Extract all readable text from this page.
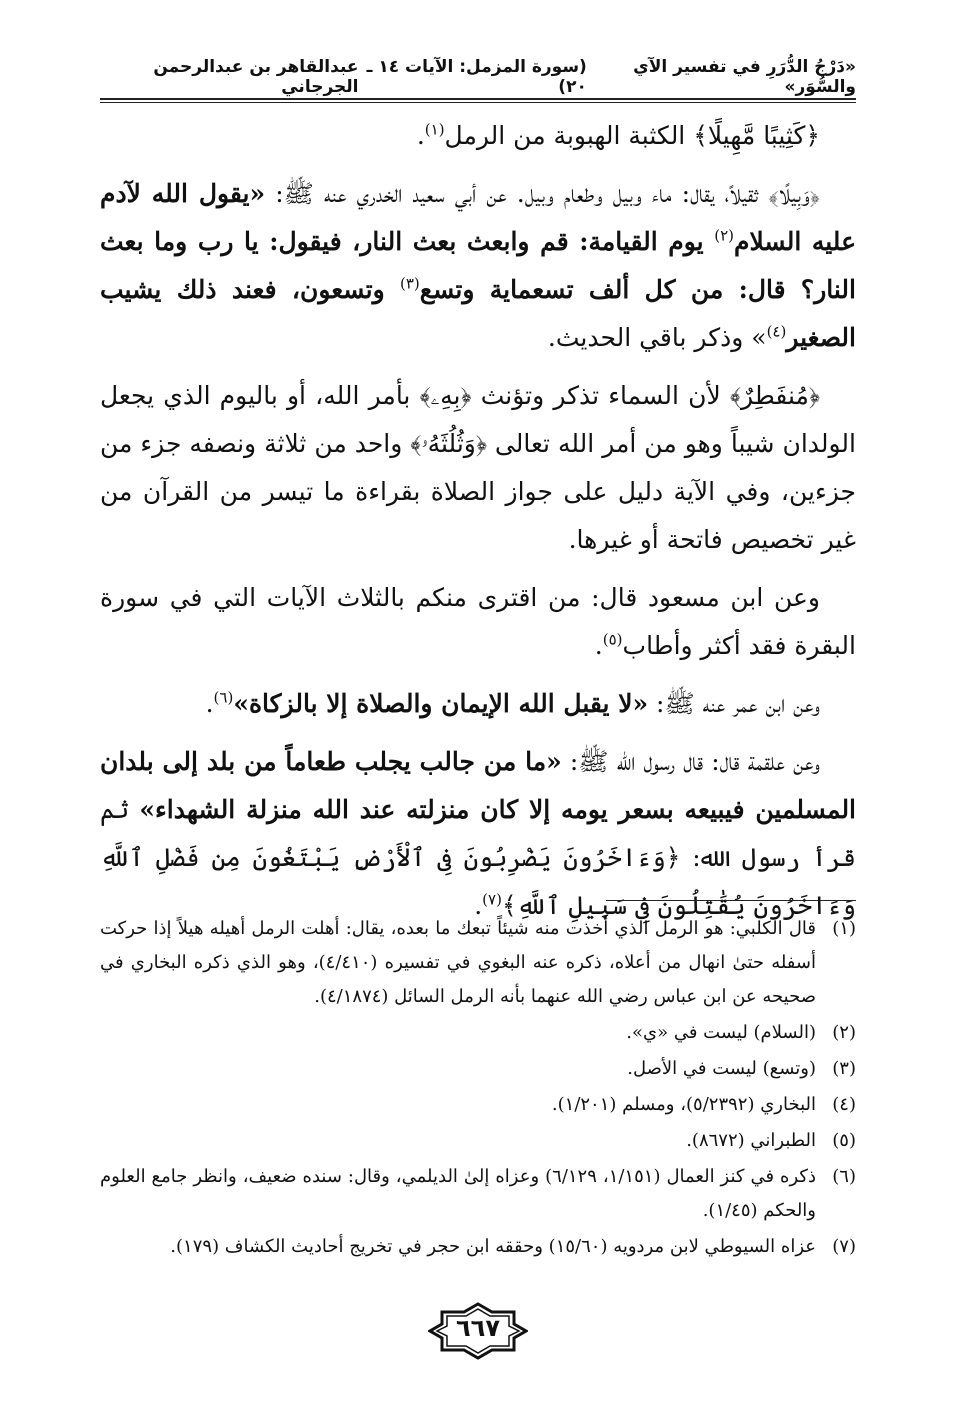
«دَرْجُ الدُّرَرِ في تفسير الآي والسُّوَر»
(سورة المزمل: الآيات ١٤ ـ ٢٠)
عبدالقاهر بن عبدالرحمن الجرجاني

﴿كَثِيبًا مَّهِيلًا﴾ الكثبة الهبوبة من الرمل$^{(١)}$.

﴿وَبِيلًا﴾ ثقيلاً، يقال: ماء وبيل وطعام وبيل. عن أبي سعيد الخدري عنه ﷺ: «يقول الله لآدم عليه السلام$^{(٢)}$ يوم القيامة: قم وابعث بعث النار، فيقول: يا رب وما بعث النار؟ قال: من كل ألف تسعماية وتسع$^{(٣)}$ وتسعون، فعند ذلك يشيب الصغير$^{(٤)}$» وذكر باقي الحديث.

﴿مُنفَطِرٌ﴾ لأن السماء تذكر وتؤنث ﴿بِهِۦ﴾ بأمر الله، أو باليوم الذي يجعل الولدان شيباً وهو من أمر الله تعالى ﴿وَثُلُثَهُۥ﴾ واحد من ثلاثة ونصفه جزء من جزءين، وفي الآية دليل على جواز الصلاة بقراءة ما تيسر من القرآن من غير تخصيص فاتحة أو غيرها.

وعن ابن مسعود قال: من اقترى منكم بالثلاث الآيات التي في سورة البقرة فقد أكثر وأطاب$^{(٥)}$.

وعن ابن عمر عنه ﷺ: «لا يقبل الله الإيمان والصلاة إلا بالزكاة»$^{(٦)}$.

وعن علقمة قال: قال رسول الله ﷺ: «ما من جالب يجلب طعاماً من بلد إلى بلدان المسلمين فيبيعه بسعر يومه إلا كان منزلته عند الله منزلة الشهداء» ثم قرأ رسول الله: ﴿وَءَاخَرُونَ يَضْرِبُونَ فِى ٱلْأَرْضِ يَبْتَغُونَ مِن فَضْلِ ٱللَّهِ وَءَاخَرُونَ يُقَٰتِلُونَ فِى سَبِيلِ ٱللَّهِ﴾$^{(٧)}$.

(١)
قال الكلبي: هو الرمل الذي أخذت منه شيئاً تبعك ما بعده، يقال: أهلت الرمل أهيله هيلاً إذا حركت أسفله حتىٰ انهال من أعلاه، ذكره عنه البغوي في تفسيره (٤/٤١٠)، وهو الذي ذكره البخاري في صحيحه عن ابن عباس رضي الله عنهما بأنه الرمل السائل (٤/١٨٧٤).
(٢)
(السلام) ليست في «ي».
(٣)
(وتسع) ليست في الأصل.
(٤)
البخاري (٥/٢٣٩٢)، ومسلم (١/٢٠١).
(٥)
الطبراني (٨٦٧٢).
(٦)
ذكره في كنز العمال (١/١٥١، ٦/١٢٩) وعزاه إلىٰ الديلمي، وقال: سنده ضعيف، وانظر جامع العلوم والحكم (١/٤٥).
(٧)
عزاه السيوطي لابن مردويه (١٥/٦٠) وحققه ابن حجر في تخريج أحاديث الكشاف (١٧٩).
٦٦٧
